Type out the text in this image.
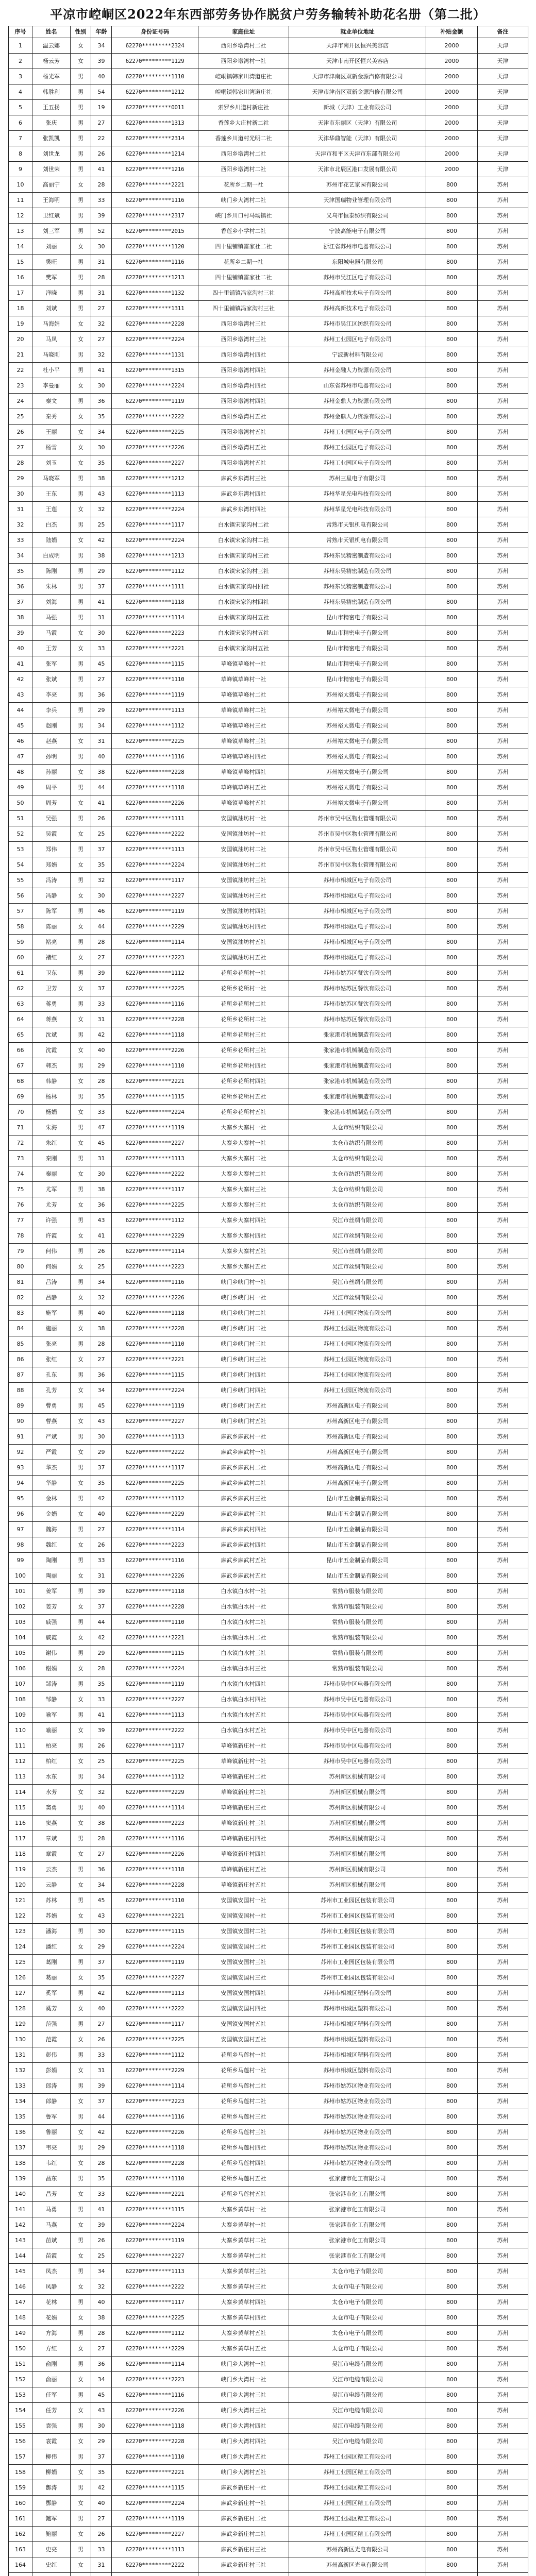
平凉市崆峒区2022年东西部劳务协作脱贫户劳务输转补助花名册（第二批）
序号	姓名	性别	年龄	身份证号码	家庭住址	就业单位地址	补贴金额	备注
1	温云娜	女	34	62270*********2324	西阳乡墩湾村二社	天津市南开区恒兴美容店	2000	天津
2	杨云芳	女	39	62270*********1129	西阳乡墩湾村一社	天津市南开区恒兴美容店	2000	天津
3	杨光军	男	40	62270*********1110	崆峒镇韩家川湾道庄社	天津市津南区双新金源汽修有限公司	2000	天津
4	韩胜利	男	54	62270*********1212	崆峒镇韩家川湾道庄社	天津市津南区双新金源汽修有限公司	2000	天津
5	王五扬	男	19	62270*********0011	索罗乡川道村新庄社	新城（天津）工业有限公司	2000	天津
6	张庆	男	27	62270*********1313	香莲乡大庄村新二社	天津市东丽区（天津）有限公司	2000	天津
7	张凯凯	男	22	62270*********2314	香莲乡川道村光明二社	天津华鼎智能（天津）有限公司	2000	天津
8	刘世龙	男	26	62270*********1214	西阳乡墩湾村二社	天津市和平区天津市东部有限公司	2000	天津
9	刘世荣	男	41	62270*********1216	西阳乡墩湾村二社	天津市北辰区港口发展有限公司	2000	天津
10	高丽宁	女	28	62270*********2221	花所乡二期一社	苏州市花艺家园有限公司	800	苏州
11	王海明	男	33	62270*********1116	峡门乡大湾村二社	天津国瑞物业管理有限公司	800	苏州
12	卫红斌	男	39	62270*********2317	峡门乡川口村马场镇社	义乌市恒泰纺织有限公司	800	苏州
13	刘三军	男	52	62270*********2015	香莲乡小学村二社	宁波高能电子有限公司	800	苏州
14	刘丽	女	30	62270*********1120	四十里铺镇雷家社二社	浙江省苏州市电器有限公司	800	苏州
15	樊旺	男	31	62270*********1116	花所乡二期一社	东阳城电器有限公司	800	苏州
16	樊军	男	28	62270*********1213	四十里铺镇雷家社二社	苏州市吴江区电子有限公司	800	苏州
17	洋晓	男	31	62270*********1132	四十里铺镇冯家沟村三社	苏州高新技术电子有限公司	800	苏州
18	刘斌	男	27	62270*********1311	四十里铺镇冯家沟村三社	苏州高新技术电子有限公司	800	苏州
19	马海娟	女	32	62270*********2228	西阳乡墩湾村三社	苏州市吴江区纺织有限公司	800	苏州
20	马凤	女	27	62270*********2224	西阳乡墩湾村三社	苏州工业园区电子有限公司	800	苏州
21	马晓刚	男	32	62270*********1131	西阳乡墩湾村四社	宁波新材料有限公司	800	苏州
22	杜小平	男	41	62270*********1315	西阳乡墩湾村四社	苏州金融人力资源有限公司	800	苏州
23	李曼丽	女	30	62270*********2224	西阳乡墩湾村四社	山东省苏州市电器有限公司	800	苏州
24	秦文	男	36	62270*********1119	西阳乡墩湾村四社	苏州金鼎人力资源有限公司	800	苏州
25	秦秀	女	35	62270*********2222	西阳乡墩湾村五社	苏州金鼎人力资源有限公司	800	苏州
26	王丽	女	34	62270*********2225	西阳乡墩湾村五社	苏州工业园区电子有限公司	800	苏州
27	杨雪	女	30	62270*********2226	西阳乡墩湾村五社	苏州工业园区电子有限公司	800	苏州
28	刘玉	女	35	62270*********2227	西阳乡墩湾村五社	苏州工业园区电子有限公司	800	苏州
29	马晓军	男	38	62270*********1212	麻武乡东湾村三社	苏州三星电子有限公司	800	苏州
30	王东	男	43	62270*********1113	麻武乡东湾村四社	苏州华星光电科技有限公司	800	苏州
31	王莲	女	32	62270*********2224	麻武乡东湾村四社	苏州华星光电科技有限公司	800	苏州
32	白杰	男	25	62270*********1117	白水镇宋家沟村二社	常熟市天银机电有限公司	800	苏州
33	陆娟	女	42	62270*********2224	白水镇宋家沟村二社	常熟市天银机电有限公司	800	苏州
34	白成明	男	38	62270*********1213	白水镇宋家沟村三社	苏州东吴精密制造有限公司	800	苏州
35	陈刚	男	29	62270*********1112	白水镇宋家沟村三社	苏州东吴精密制造有限公司	800	苏州
36	朱林	男	37	62270*********1111	白水镇宋家沟村四社	苏州东吴精密制造有限公司	800	苏州
37	刘海	男	41	62270*********1118	白水镇宋家沟村四社	苏州东吴精密制造有限公司	800	苏州
38	马强	男	31	62270*********1114	白水镇宋家沟村五社	昆山市精密电子有限公司	800	苏州
39	马霞	女	30	62270*********2223	白水镇宋家沟村五社	昆山市精密电子有限公司	800	苏州
40	王芳	女	33	62270*********2221	白水镇宋家沟村五社	昆山市精密电子有限公司	800	苏州
41	张军	男	45	62270*********1115	草峰镇草峰村一社	昆山市精密电子有限公司	800	苏州
42	张斌	男	27	62270*********1110	草峰镇草峰村一社	昆山市精密电子有限公司	800	苏州
43	李亮	男	36	62270*********1119	草峰镇草峰村二社	苏州裕太微电子有限公司	800	苏州
44	李兵	男	29	62270*********1113	草峰镇草峰村二社	苏州裕太微电子有限公司	800	苏州
45	赵刚	男	34	62270*********1112	草峰镇草峰村三社	苏州裕太微电子有限公司	800	苏州
46	赵燕	女	31	62270*********2225	草峰镇草峰村三社	苏州裕太微电子有限公司	800	苏州
47	孙明	男	40	62270*********1116	草峰镇草峰村四社	苏州裕太微电子有限公司	800	苏州
48	孙丽	女	38	62270*********2228	草峰镇草峰村四社	苏州裕太微电子有限公司	800	苏州
49	周平	男	44	62270*********1118	草峰镇草峰村五社	苏州裕太微电子有限公司	800	苏州
50	周芳	女	41	62270*********2226	草峰镇草峰村五社	苏州裕太微电子有限公司	800	苏州
51	吴强	男	26	62270*********1111	安国镇油坊村一社	苏州市吴中区物业管理有限公司	800	苏州
52	吴霞	女	25	62270*********2222	安国镇油坊村一社	苏州市吴中区物业管理有限公司	800	苏州
53	郑伟	男	37	62270*********1113	安国镇油坊村二社	苏州市吴中区物业管理有限公司	800	苏州
54	郑娟	女	35	62270*********2224	安国镇油坊村二社	苏州市吴中区物业管理有限公司	800	苏州
55	冯涛	男	32	62270*********1117	安国镇油坊村三社	苏州市相城区电子有限公司	800	苏州
56	冯静	女	30	62270*********2227	安国镇油坊村三社	苏州市相城区电子有限公司	800	苏州
57	陈军	男	46	62270*********1119	安国镇油坊村四社	苏州市相城区电子有限公司	800	苏州
58	陈丽	女	44	62270*********2229	安国镇油坊村四社	苏州市相城区电子有限公司	800	苏州
59	褚亮	男	28	62270*********1114	安国镇油坊村五社	苏州市相城区电子有限公司	800	苏州
60	褚红	女	27	62270*********2223	安国镇油坊村五社	苏州市相城区电子有限公司	800	苏州
61	卫东	男	39	62270*********1112	花所乡花所村一社	苏州市姑苏区餐饮有限公司	800	苏州
62	卫芳	女	37	62270*********2225	花所乡花所村一社	苏州市姑苏区餐饮有限公司	800	苏州
63	蒋勇	男	33	62270*********1116	花所乡花所村二社	苏州市姑苏区餐饮有限公司	800	苏州
64	蒋燕	女	31	62270*********2228	花所乡花所村二社	苏州市姑苏区餐饮有限公司	800	苏州
65	沈斌	男	42	62270*********1118	花所乡花所村三社	张家港市机械制造有限公司	800	苏州
66	沈霞	女	40	62270*********2226	花所乡花所村三社	张家港市机械制造有限公司	800	苏州
67	韩杰	男	29	62270*********1110	花所乡花所村四社	张家港市机械制造有限公司	800	苏州
68	韩静	女	28	62270*********2221	花所乡花所村四社	张家港市机械制造有限公司	800	苏州
69	杨林	男	35	62270*********1115	花所乡花所村五社	张家港市机械制造有限公司	800	苏州
70	杨娟	女	33	62270*********2224	花所乡花所村五社	张家港市机械制造有限公司	800	苏州
71	朱海	男	47	62270*********1119	大寨乡大寨村一社	太仓市纺织有限公司	800	苏州
72	朱红	女	45	62270*********2227	大寨乡大寨村一社	太仓市纺织有限公司	800	苏州
73	秦刚	男	31	62270*********1113	大寨乡大寨村二社	太仓市纺织有限公司	800	苏州
74	秦丽	女	30	62270*********2222	大寨乡大寨村二社	太仓市纺织有限公司	800	苏州
75	尤军	男	38	62270*********1117	大寨乡大寨村三社	太仓市纺织有限公司	800	苏州
76	尤芳	女	36	62270*********2225	大寨乡大寨村三社	太仓市纺织有限公司	800	苏州
77	许强	男	43	62270*********1112	大寨乡大寨村四社	吴江市丝绸有限公司	800	苏州
78	许霞	女	41	62270*********2229	大寨乡大寨村四社	吴江市丝绸有限公司	800	苏州
79	何伟	男	26	62270*********1114	大寨乡大寨村五社	吴江市丝绸有限公司	800	苏州
80	何娟	女	25	62270*********2223	大寨乡大寨村五社	吴江市丝绸有限公司	800	苏州
81	吕涛	男	34	62270*********1116	峡门乡峡门村一社	吴江市丝绸有限公司	800	苏州
82	吕静	女	32	62270*********2226	峡门乡峡门村一社	吴江市丝绸有限公司	800	苏州
83	施军	男	40	62270*********1118	峡门乡峡门村二社	苏州工业园区物流有限公司	800	苏州
84	施丽	女	38	62270*********2228	峡门乡峡门村二社	苏州工业园区物流有限公司	800	苏州
85	张亮	男	28	62270*********1110	峡门乡峡门村三社	苏州工业园区物流有限公司	800	苏州
86	张红	女	27	62270*********2221	峡门乡峡门村三社	苏州工业园区物流有限公司	800	苏州
87	孔东	男	36	62270*********1115	峡门乡峡门村四社	苏州工业园区物流有限公司	800	苏州
88	孔芳	女	34	62270*********2224	峡门乡峡门村四社	苏州工业园区物流有限公司	800	苏州
89	曹勇	男	45	62270*********1119	峡门乡峡门村五社	苏州高新区电子有限公司	800	苏州
90	曹燕	女	43	62270*********2227	峡门乡峡门村五社	苏州高新区电子有限公司	800	苏州
91	严斌	男	30	62270*********1113	麻武乡麻武村一社	苏州高新区电子有限公司	800	苏州
92	严霞	女	29	62270*********2222	麻武乡麻武村一社	苏州高新区电子有限公司	800	苏州
93	华杰	男	37	62270*********1117	麻武乡麻武村二社	苏州高新区电子有限公司	800	苏州
94	华静	女	35	62270*********2225	麻武乡麻武村二社	苏州高新区电子有限公司	800	苏州
95	金林	男	42	62270*********1112	麻武乡麻武村三社	昆山市五金制品有限公司	800	苏州
96	金娟	女	40	62270*********2229	麻武乡麻武村三社	昆山市五金制品有限公司	800	苏州
97	魏海	男	27	62270*********1114	麻武乡麻武村四社	昆山市五金制品有限公司	800	苏州
98	魏红	女	26	62270*********2223	麻武乡麻武村四社	昆山市五金制品有限公司	800	苏州
99	陶刚	男	33	62270*********1116	麻武乡麻武村五社	昆山市五金制品有限公司	800	苏州
100	陶丽	女	31	62270*********2226	麻武乡麻武村五社	昆山市五金制品有限公司	800	苏州
101	姜军	男	39	62270*********1118	白水镇白水村一社	常熟市服装有限公司	800	苏州
102	姜芳	女	37	62270*********2228	白水镇白水村一社	常熟市服装有限公司	800	苏州
103	戚强	男	44	62270*********1110	白水镇白水村二社	常熟市服装有限公司	800	苏州
104	戚霞	女	42	62270*********2221	白水镇白水村二社	常熟市服装有限公司	800	苏州
105	谢伟	男	29	62270*********1115	白水镇白水村三社	常熟市服装有限公司	800	苏州
106	谢娟	女	28	62270*********2224	白水镇白水村三社	常熟市服装有限公司	800	苏州
107	邹涛	男	35	62270*********1119	白水镇白水村四社	苏州市吴中区电器有限公司	800	苏州
108	邹静	女	33	62270*********2227	白水镇白水村四社	苏州市吴中区电器有限公司	800	苏州
109	喻军	男	41	62270*********1113	白水镇白水村五社	苏州市吴中区电器有限公司	800	苏州
110	喻丽	女	39	62270*********2222	白水镇白水村五社	苏州市吴中区电器有限公司	800	苏州
111	柏亮	男	26	62270*********1117	草峰镇新庄村一社	苏州市吴中区电器有限公司	800	苏州
112	柏红	女	25	62270*********2225	草峰镇新庄村一社	苏州市吴中区电器有限公司	800	苏州
113	水东	男	34	62270*********1112	草峰镇新庄村二社	苏州新区机械有限公司	800	苏州
114	水芳	女	32	62270*********2229	草峰镇新庄村二社	苏州新区机械有限公司	800	苏州
115	窦勇	男	40	62270*********1114	草峰镇新庄村三社	苏州新区机械有限公司	800	苏州
116	窦燕	女	38	62270*********2223	草峰镇新庄村三社	苏州新区机械有限公司	800	苏州
117	章斌	男	28	62270*********1116	草峰镇新庄村四社	苏州新区机械有限公司	800	苏州
118	章霞	女	27	62270*********2226	草峰镇新庄村四社	苏州新区机械有限公司	800	苏州
119	云杰	男	36	62270*********1118	草峰镇新庄村五社	苏州新区机械有限公司	800	苏州
120	云静	女	34	62270*********2228	草峰镇新庄村五社	苏州新区机械有限公司	800	苏州
121	苏林	男	45	62270*********1110	安国镇安国村一社	苏州市工业园区包装有限公司	800	苏州
122	苏娟	女	43	62270*********2221	安国镇安国村一社	苏州市工业园区包装有限公司	800	苏州
123	潘海	男	30	62270*********1115	安国镇安国村二社	苏州市工业园区包装有限公司	800	苏州
124	潘红	女	29	62270*********2224	安国镇安国村二社	苏州市工业园区包装有限公司	800	苏州
125	葛刚	男	37	62270*********1119	安国镇安国村三社	苏州市工业园区包装有限公司	800	苏州
126	葛丽	女	35	62270*********2227	安国镇安国村三社	苏州市工业园区包装有限公司	800	苏州
127	奚军	男	42	62270*********1113	安国镇安国村四社	苏州市相城区塑料有限公司	800	苏州
128	奚芳	女	40	62270*********2222	安国镇安国村四社	苏州市相城区塑料有限公司	800	苏州
129	范强	男	27	62270*********1117	安国镇安国村五社	苏州市相城区塑料有限公司	800	苏州
130	范霞	女	26	62270*********2225	安国镇安国村五社	苏州市相城区塑料有限公司	800	苏州
131	彭伟	男	33	62270*********1112	花所乡马莲村一社	苏州市相城区塑料有限公司	800	苏州
132	彭娟	女	31	62270*********2229	花所乡马莲村一社	苏州市相城区塑料有限公司	800	苏州
133	郎涛	男	39	62270*********1114	花所乡马莲村二社	苏州市姑苏区物业有限公司	800	苏州
134	郎静	女	37	62270*********2223	花所乡马莲村二社	苏州市姑苏区物业有限公司	800	苏州
135	鲁军	男	44	62270*********1116	花所乡马莲村三社	苏州市姑苏区物业有限公司	800	苏州
136	鲁丽	女	42	62270*********2226	花所乡马莲村三社	苏州市姑苏区物业有限公司	800	苏州
137	韦亮	男	29	62270*********1118	花所乡马莲村四社	苏州市姑苏区物业有限公司	800	苏州
138	韦红	女	28	62270*********2228	花所乡马莲村四社	苏州市姑苏区物业有限公司	800	苏州
139	昌东	男	35	62270*********1110	花所乡马莲村五社	张家港市化工有限公司	800	苏州
140	昌芳	女	33	62270*********2221	花所乡马莲村五社	张家港市化工有限公司	800	苏州
141	马勇	男	41	62270*********1115	大寨乡黄草村一社	张家港市化工有限公司	800	苏州
142	马燕	女	39	62270*********2224	大寨乡黄草村一社	张家港市化工有限公司	800	苏州
143	苗斌	男	26	62270*********1119	大寨乡黄草村二社	张家港市化工有限公司	800	苏州
144	苗霞	女	25	62270*********2227	大寨乡黄草村二社	张家港市化工有限公司	800	苏州
145	凤杰	男	34	62270*********1113	大寨乡黄草村三社	太仓市电子有限公司	800	苏州
146	凤静	女	32	62270*********2222	大寨乡黄草村三社	太仓市电子有限公司	800	苏州
147	花林	男	40	62270*********1117	大寨乡黄草村四社	太仓市电子有限公司	800	苏州
148	花娟	女	38	62270*********2225	大寨乡黄草村四社	太仓市电子有限公司	800	苏州
149	方海	男	28	62270*********1112	大寨乡黄草村五社	太仓市电子有限公司	800	苏州
150	方红	女	27	62270*********2229	大寨乡黄草村五社	太仓市电子有限公司	800	苏州
151	俞刚	男	36	62270*********1114	峡门乡大湾村一社	吴江市电缆有限公司	800	苏州
152	俞丽	女	34	62270*********2223	峡门乡大湾村一社	吴江市电缆有限公司	800	苏州
153	任军	男	45	62270*********1116	峡门乡大湾村三社	吴江市电缆有限公司	800	苏州
154	任芳	女	43	62270*********2226	峡门乡大湾村三社	吴江市电缆有限公司	800	苏州
155	袁强	男	30	62270*********1118	峡门乡大湾村四社	吴江市电缆有限公司	800	苏州
156	袁霞	女	29	62270*********2228	峡门乡大湾村四社	吴江市电缆有限公司	800	苏州
157	柳伟	男	37	62270*********1110	峡门乡大湾村五社	苏州工业园区精工有限公司	800	苏州
158	柳娟	女	35	62270*********2221	峡门乡大湾村五社	苏州工业园区精工有限公司	800	苏州
159	酆涛	男	42	62270*********1115	麻武乡新庄村一社	苏州工业园区精工有限公司	800	苏州
160	酆静	女	40	62270*********2224	麻武乡新庄村一社	苏州工业园区精工有限公司	800	苏州
161	鲍军	男	27	62270*********1119	麻武乡新庄村二社	苏州工业园区精工有限公司	800	苏州
162	鲍丽	女	26	62270*********2227	麻武乡新庄村二社	苏州工业园区精工有限公司	800	苏州
163	史亮	男	33	62270*********1113	麻武乡新庄村三社	苏州高新区光电有限公司	800	苏州
164	史红	女	31	62270*********2222	麻武乡新庄村三社	苏州高新区光电有限公司	800	苏州
